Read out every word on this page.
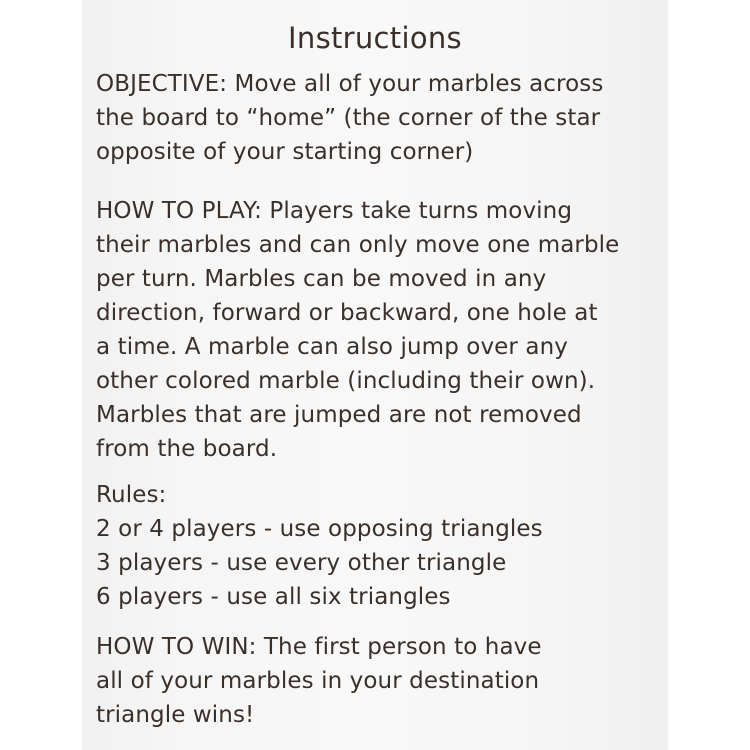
Instructions
OBJECTIVE: Move all of your marbles across
the board to “home” (the corner of the star
opposite of your starting corner)
HOW TO PLAY: Players take turns moving
their marbles and can only move one marble
per turn. Marbles can be moved in any
direction, forward or backward, one hole at
a time. A marble can also jump over any
other colored marble (including their own).
Marbles that are jumped are not removed
from the board.
Rules:
2 or 4 players - use opposing triangles
3 players - use every other triangle
6 players - use all six triangles
HOW TO WIN: The first person to have
all of your marbles in your destination
triangle wins!
